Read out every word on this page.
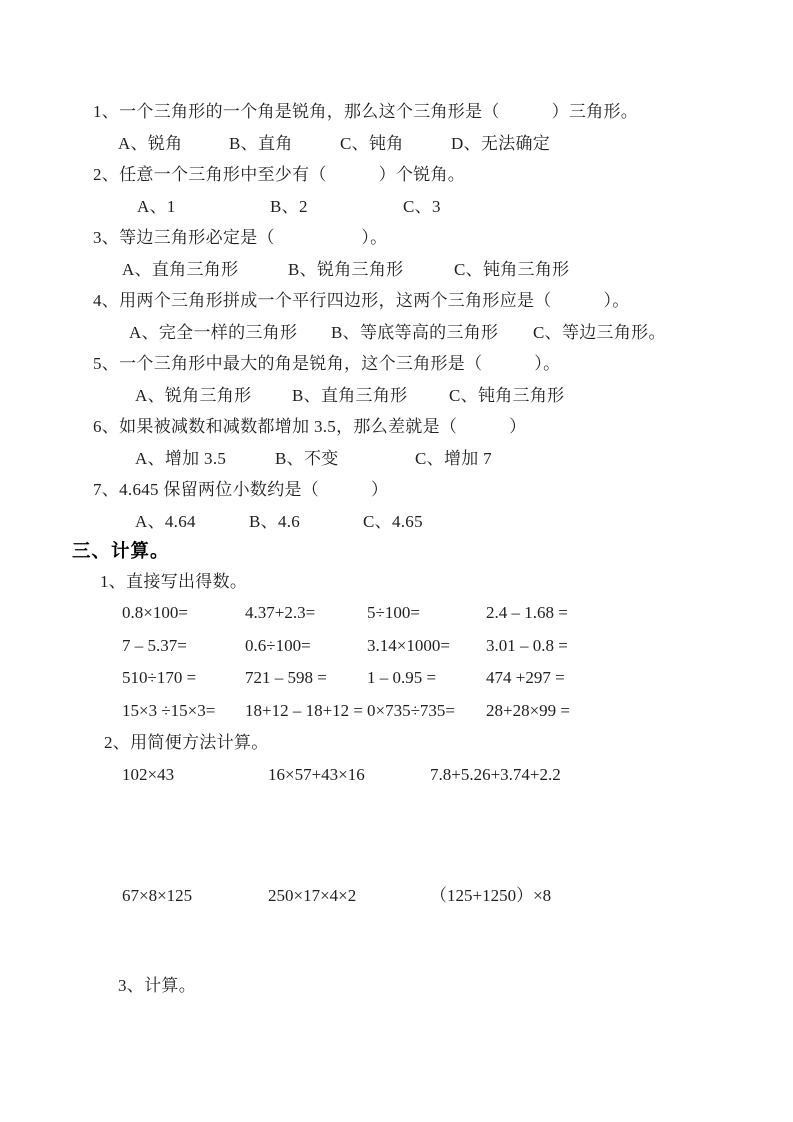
1、一个三角形的一个角是锐角，那么这个三角形是（　　　）三角形。
A、锐角	B、直角	C、钝角	D、无法确定
2、任意一个三角形中至少有（　　　）个锐角。
A、1	B、2	C、3
3、等边三角形必定是（　　　　　）。
A、直角三角形	B、锐角三角形	C、钝角三角形
4、用两个三角形拼成一个平行四边形，这两个三角形应是（　　　）。
A、完全一样的三角形 B、等底等高的三角形 C、等边三角形。
5、一个三角形中最大的角是锐角，这个三角形是（　　　）。
A、锐角三角形 B、直角三角形 C、钝角三角形
6、如果被减数和减数都增加 3.5，那么差就是（　　　）
A、增加 3.5	B、不变	C、增加 7
7、4.645 保留两位小数约是（　　　）
A、4.64	B、4.6	C、4.65
三、计算。
1、直接写出得数。
0.8×100=	4.37+2.3=	5÷100=	2.4 – 1.68 =
7 – 5.37=	0.6÷100=	3.14×1000=	3.01 – 0.8 =
510÷170 =	721 – 598 =	1 – 0.95 =	474 +297 =
15×3 ÷15×3=	18+12 – 18+12 = 0×735÷735=	28+28×99 =
2、用简便方法计算。
102×43	16×57+43×16	7.8+5.26+3.74+2.2
67×8×125	250×17×4×2	（125+1250）×8
3、计算。
